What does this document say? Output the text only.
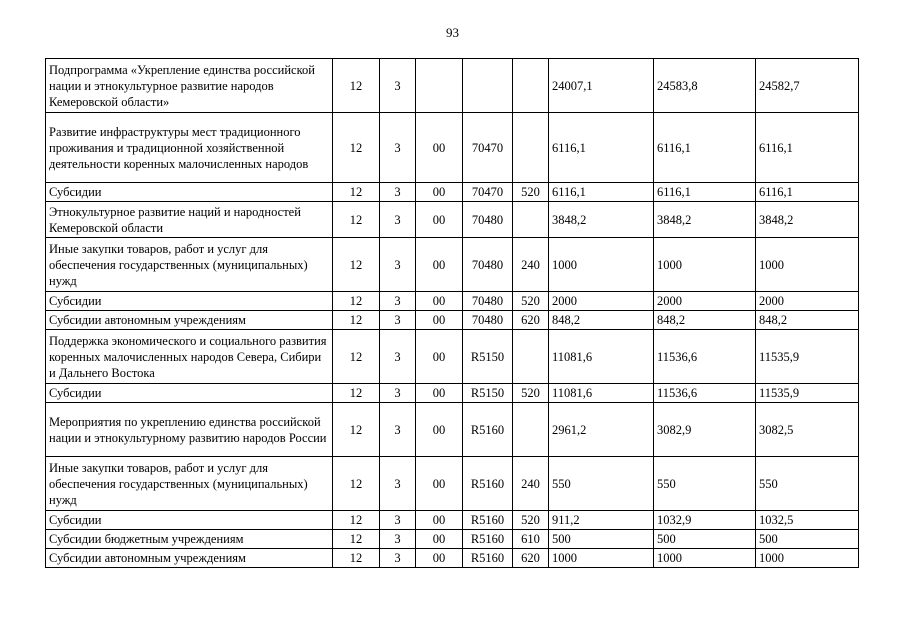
93
Подпрограмма «Укрепление единства российской нации и этнокультурное развитие народов Кемеровской области»	12	3				24007,1	24583,8	24582,7
Развитие инфраструктуры мест традиционного проживания и традиционной хозяйственной деятельности коренных малочисленных народов	12	3	00	70470		6116,1	6116,1	6116,1
Субсидии	12	3	00	70470	520	6116,1	6116,1	6116,1
Этнокультурное развитие наций и народностей Кемеровской области	12	3	00	70480		3848,2	3848,2	3848,2
Иные закупки товаров, работ и услуг для обеспечения государственных (муниципальных) нужд	12	3	00	70480	240	1000	1000	1000
Субсидии	12	3	00	70480	520	2000	2000	2000
Субсидии автономным учреждениям	12	3	00	70480	620	848,2	848,2	848,2
Поддержка экономического и социального развития коренных малочисленных народов Севера, Сибири и Дальнего Востока	12	3	00	R5150		11081,6	11536,6	11535,9
Субсидии	12	3	00	R5150	520	11081,6	11536,6	11535,9
Мероприятия по укреплению единства российской нации и этнокультурному развитию народов России	12	3	00	R5160		2961,2	3082,9	3082,5
Иные закупки товаров, работ и услуг для обеспечения государственных (муниципальных) нужд	12	3	00	R5160	240	550	550	550
Субсидии	12	3	00	R5160	520	911,2	1032,9	1032,5
Субсидии бюджетным учреждениям	12	3	00	R5160	610	500	500	500
Субсидии автономным учреждениям	12	3	00	R5160	620	1000	1000	1000
